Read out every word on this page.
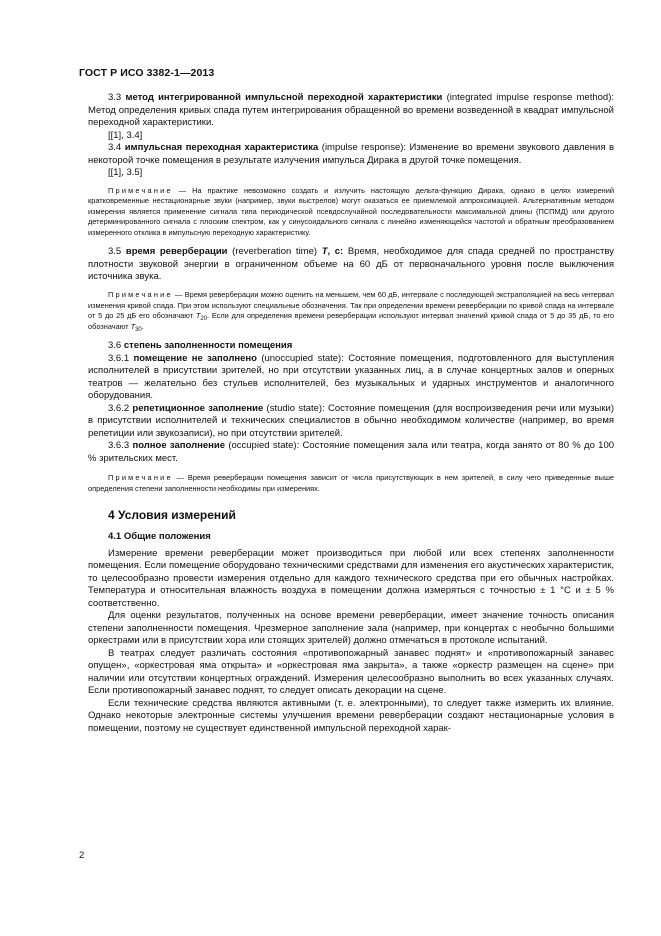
ГОСТ Р ИСО 3382-1—2013

3.3 метод интегрированной импульсной переходной характеристики (integrated impulse response method): Метод определения кривых спада путем интегрирования обращенной во времени возведенной в квадрат импульсной переходной характеристики.

[[1], 3.4]

3.4 импульсная переходная характеристика (impulse response): Изменение во времени звукового давления в некоторой точке помещения в результате излучения импульса Дирака в другой точке помещения.

[[1], 3.5]

Примечание — На практике невозможно создать и излучить настоящую дельта-функцию Дирака, однако в целях измерений кратковременные нестационарные звуки (например, звуки выстрелов) могут оказаться ее приемлемой аппроксимацией. Альтернативным методом измерения является применение сигнала типа периодической псевдослучайной последовательности максимальной длины (ПСПМД) или другого детерминированного сигнала с плоским спектром, как у синусоидального сигнала с линейно изменяющейся частотой и обратным преобразованием измеренного отклика в импульсную переходную характеристику.

3.5 время реверберации (reverberation time) T, с: Время, необходимое для спада средней по пространству плотности звуковой энергии в ограниченном объеме на 60 дБ от первоначального уровня после выключения источника звука.

Примечание — Время реверберации можно оценить на меньшем, чем 60 дБ, интервале с последующей экстраполяцией на весь интервал изменения кривой спада. При этом используют специальные обозначения. Так при определении времени реверберации по кривой спада на интервале от 5 до 25 дБ его обозначают $T_{20}$. Если для определения времени реверберации используют интервал значений кривой спада от 5 до 35 дБ, то его обозначают $T_{30}$.

3.6 степень заполненности помещения

3.6.1 помещение не заполнено (unoccupied state): Состояние помещения, подготовленного для выступления исполнителей в присутствии зрителей, но при отсутствии указанных лиц, а в случае концертных залов и оперных театров — желательно без стульев исполнителей, без музыкальных и ударных инструментов и аналогичного оборудования.

3.6.2 репетиционное заполнение (studio state): Состояние помещения (для воспроизведения речи или музыки) в присутствии исполнителей и технических специалистов в обычно необходимом количестве (например, во время репетиции или звукозаписи), но при отсутствии зрителей.

3.6.3 полное заполнение (occupied state): Состояние помещения зала или театра, когда занято от 80 % до 100 % зрительских мест.

Примечание — Время реверберации помещения зависит от числа присутствующих в нем зрителей, в силу чего приведенные выше определения степени заполненности необходимы при измерениях.

4 Условия измерений
4.1 Общие положения

Измерение времени реверберации может производиться при любой или всех степенях заполненности помещения. Если помещение оборудовано техническими средствами для изменения его акустических характеристик, то целесообразно провести измерения отдельно для каждого технического средства при его обычных настройках. Температура и относительная влажность воздуха в помещении должна измеряться с точностью ± 1 °С и ± 5 % соответственно.

Для оценки результатов, полученных на основе времени реверберации, имеет значение точность описания степени заполненности помещения. Чрезмерное заполнение зала (например, при концертах с необычно большими оркестрами или в присутствии хора или стоящих зрителей) должно отмечаться в протоколе испытаний.

В театрах следует различать состояния «противопожарный занавес поднят» и «противопожарный занавес опущен», «оркестровая яма открыта» и «оркестровая яма закрыта», а также «оркестр размещен на сцене» при наличии или отсутствии концертных ограждений. Измерения целесообразно выполнить во всех указанных случаях. Если противопожарный занавес поднят, то следует описать декорации на сцене.

Если технические средства являются активными (т. е. электронными), то следует также измерить их влияние. Однако некоторые электронные системы улучшения времени реверберации создают нестационарные условия в помещении, поэтому не существует единственной импульсной переходной харак-

2
